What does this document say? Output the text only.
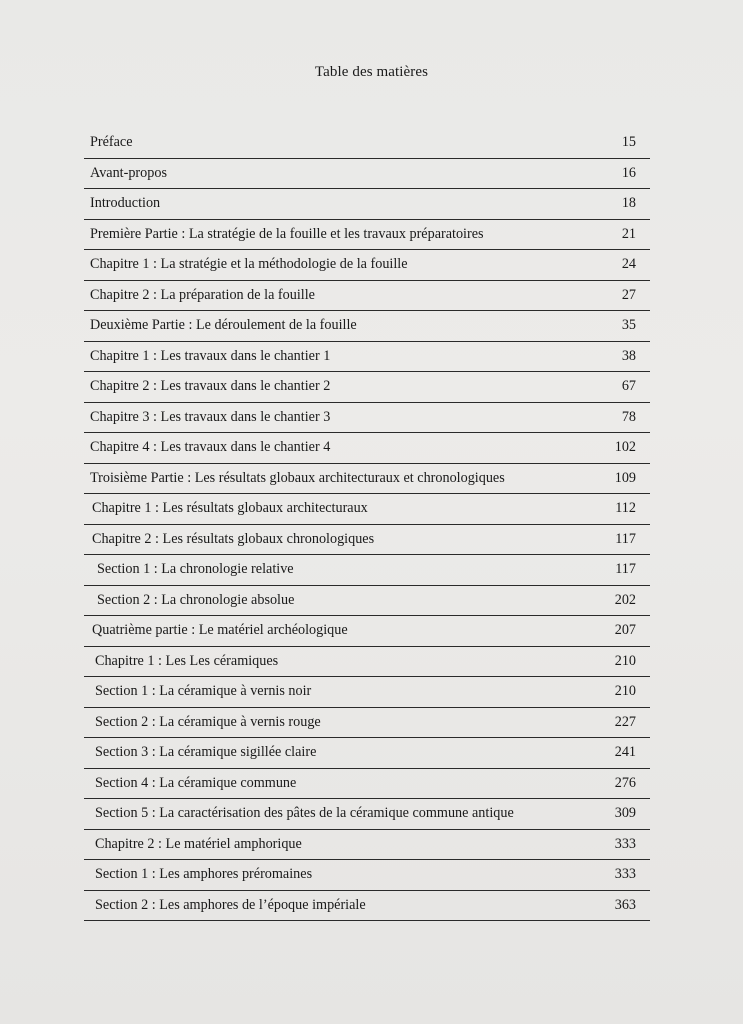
Table des matières
Préface	15
Avant-propos	16
Introduction	18
Première Partie : La stratégie de la fouille et les travaux préparatoires	21
Chapitre 1 : La stratégie et la méthodologie de la fouille	24
Chapitre 2 : La préparation de la fouille	27
Deuxième Partie : Le déroulement de la fouille	35
Chapitre 1 : Les travaux dans le chantier 1	38
Chapitre 2 : Les travaux dans le chantier 2	67
Chapitre 3 : Les travaux dans le chantier 3	78
Chapitre 4 : Les travaux dans le chantier 4	102
Troisième Partie : Les résultats globaux architecturaux et chronologiques	109
Chapitre 1 : Les résultats globaux architecturaux	112
Chapitre 2 : Les résultats globaux chronologiques	117
Section 1 : La chronologie relative	117
Section 2 : La chronologie absolue	202
Quatrième partie : Le matériel archéologique	207
Chapitre 1 : Les Les céramiques	210
Section 1 : La céramique à vernis noir	210
Section 2 : La céramique à vernis rouge	227
Section 3 : La céramique sigillée claire	241
Section 4 : La céramique commune	276
Section 5 : La caractérisation des pâtes de la céramique commune antique	309
Chapitre 2 : Le matériel amphorique	333
Section 1 : Les amphores préromaines	333
Section 2 : Les amphores de l’époque impériale	363
